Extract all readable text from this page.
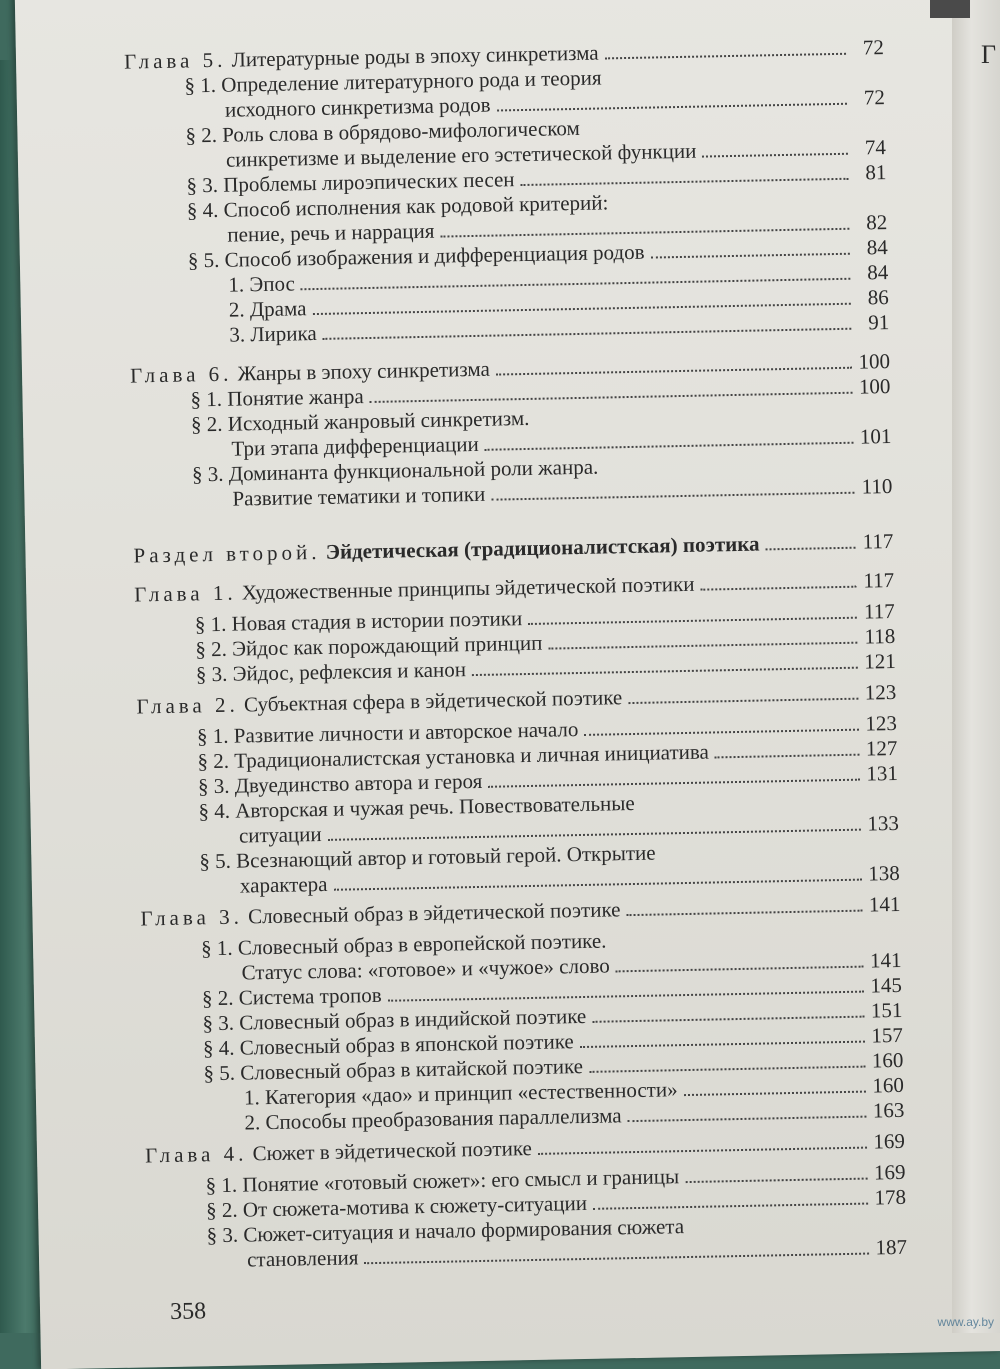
Глава 5. Литературные роды в эпоху синкретизма	72
§ 1. Определение литературного рода и теория
исходного синкретизма родов	72
§ 2. Роль слова в обрядово-мифологическом
синкретизме и выделение его эстетической функции	74
§ 3. Проблемы лироэпических песен	81
§ 4. Способ исполнения как родовой критерий:
пение, речь и наррация	82
§ 5. Способ изображения и дифференциация родов	84
1. Эпос	84
2. Драма	86
3. Лирика	91
Глава 6. Жанры в эпоху синкретизма	100
§ 1. Понятие жанра	100
§ 2. Исходный жанровый синкретизм.
Три этапа дифференциации	101
§ 3. Доминанта функциональной роли жанра.
Развитие тематики и топики	110
Раздел второй. Эйдетическая (традиционалистская) поэтика	117
Глава 1. Художественные принципы эйдетической поэтики	117
§ 1. Новая стадия в истории поэтики	117
§ 2. Эйдос как порождающий принцип	118
§ 3. Эйдос, рефлексия и канон	121
Глава 2. Субъектная сфера в эйдетической поэтике	123
§ 1. Развитие личности и авторское начало	123
§ 2. Традиционалистская установка и личная инициатива	127
§ 3. Двуединство автора и героя	131
§ 4. Авторская и чужая речь. Повествовательные
ситуации	133
§ 5. Всезнающий автор и готовый герой. Открытие
характера	138
Глава 3. Словесный образ в эйдетической поэтике	141
§ 1. Словесный образ в европейской поэтике.
Статус слова: «готовое» и «чужое» слово	141
§ 2. Система тропов	145
§ 3. Словесный образ в индийской поэтике	151
§ 4. Словесный образ в японской поэтике	157
§ 5. Словесный образ в китайской поэтике	160
1. Категория «дао» и принцип «естественности»	160
2. Способы преобразования параллелизма	163
Глава 4. Сюжет в эйдетической поэтике	169
§ 1. Понятие «готовый сюжет»: его смысл и границы	169
§ 2. От сюжета-мотива к сюжету-ситуации	178
§ 3. Сюжет-ситуация и начало формирования сюжета
становления	187
358
Г
www.ay.by
